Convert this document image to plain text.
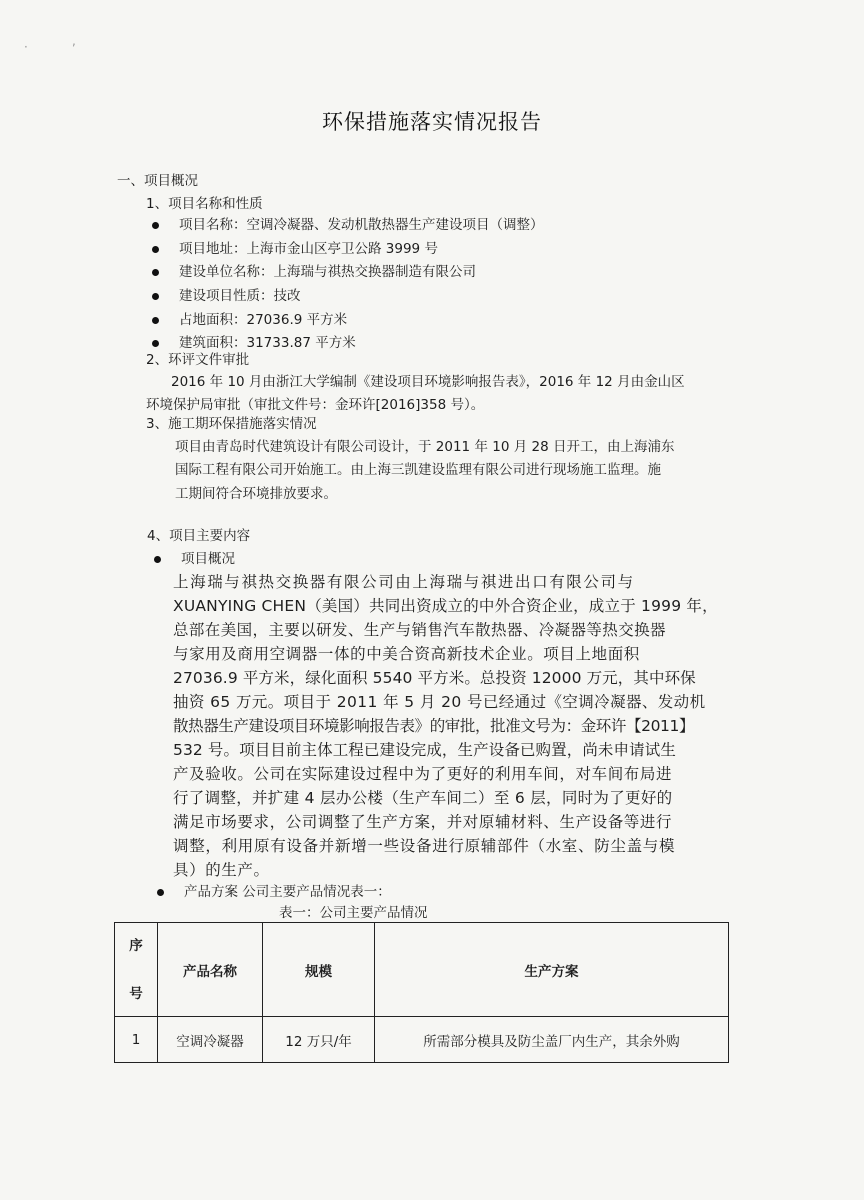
·	,
环保措施落实情况报告
一、项目概况
1、项目名称和性质
项目名称：空调冷凝器、发动机散热器生产建设项目（调整）
项目地址：上海市金山区亭卫公路 3999 号
建设单位名称：上海瑞与祺热交换器制造有限公司
建设项目性质：技改
占地面积：27036.9 平方米
建筑面积：31733.87 平方米
2、环评文件审批
2016 年 10 月由浙江大学编制《建设项目环境影响报告表》，2016 年 12 月由金山区
环境保护局审批（审批文件号：金环许[2016]358 号）。
3、施工期环保措施落实情况
项目由青岛时代建筑设计有限公司设计，于 2011 年 10 月 28 日开工，由上海浦东
国际工程有限公司开始施工。由上海三凯建设监理有限公司进行现场施工监理。施
工期间符合环境排放要求。
4、项目主要内容
项目概况
上海瑞与祺热交换器有限公司由上海瑞与祺进出口有限公司与
XUANYING CHEN（美国）共同出资成立的中外合资企业，成立于 1999 年，
总部在美国，主要以研发、生产与销售汽车散热器、冷凝器等热交换器
与家用及商用空调器一体的中美合资高新技术企业。项目上地面积
27036.9 平方米，绿化面积 5540 平方米。总投资 12000 万元，其中环保
抽资 65 万元。项目于 2011 年 5 月 20 号已经通过《空调冷凝器、发动机
散热器生产建设项目环境影响报告表》的审批，批准文号为：金环许【2011】
532 号。项目目前主体工程已建设完成，生产设备已购置，尚未申请试生
产及验收。公司在实际建设过程中为了更好的利用车间，对车间布局进
行了调整，并扩建 4 层办公楼（生产车间二）至 6 层，同时为了更好的
满足市场要求，公司调整了生产方案，并对原辅材料、生产设备等进行
调整，利用原有设备并新增一些设备进行原辅部件（水室、防尘盖与模
具）的生产。
产品方案 公司主要产品情况表一：
表一：公司主要产品情况
序
号	产品名称	规模	生产方案
1	空调冷凝器	12 万只/年	所需部分模具及防尘盖厂内生产，其余外购
